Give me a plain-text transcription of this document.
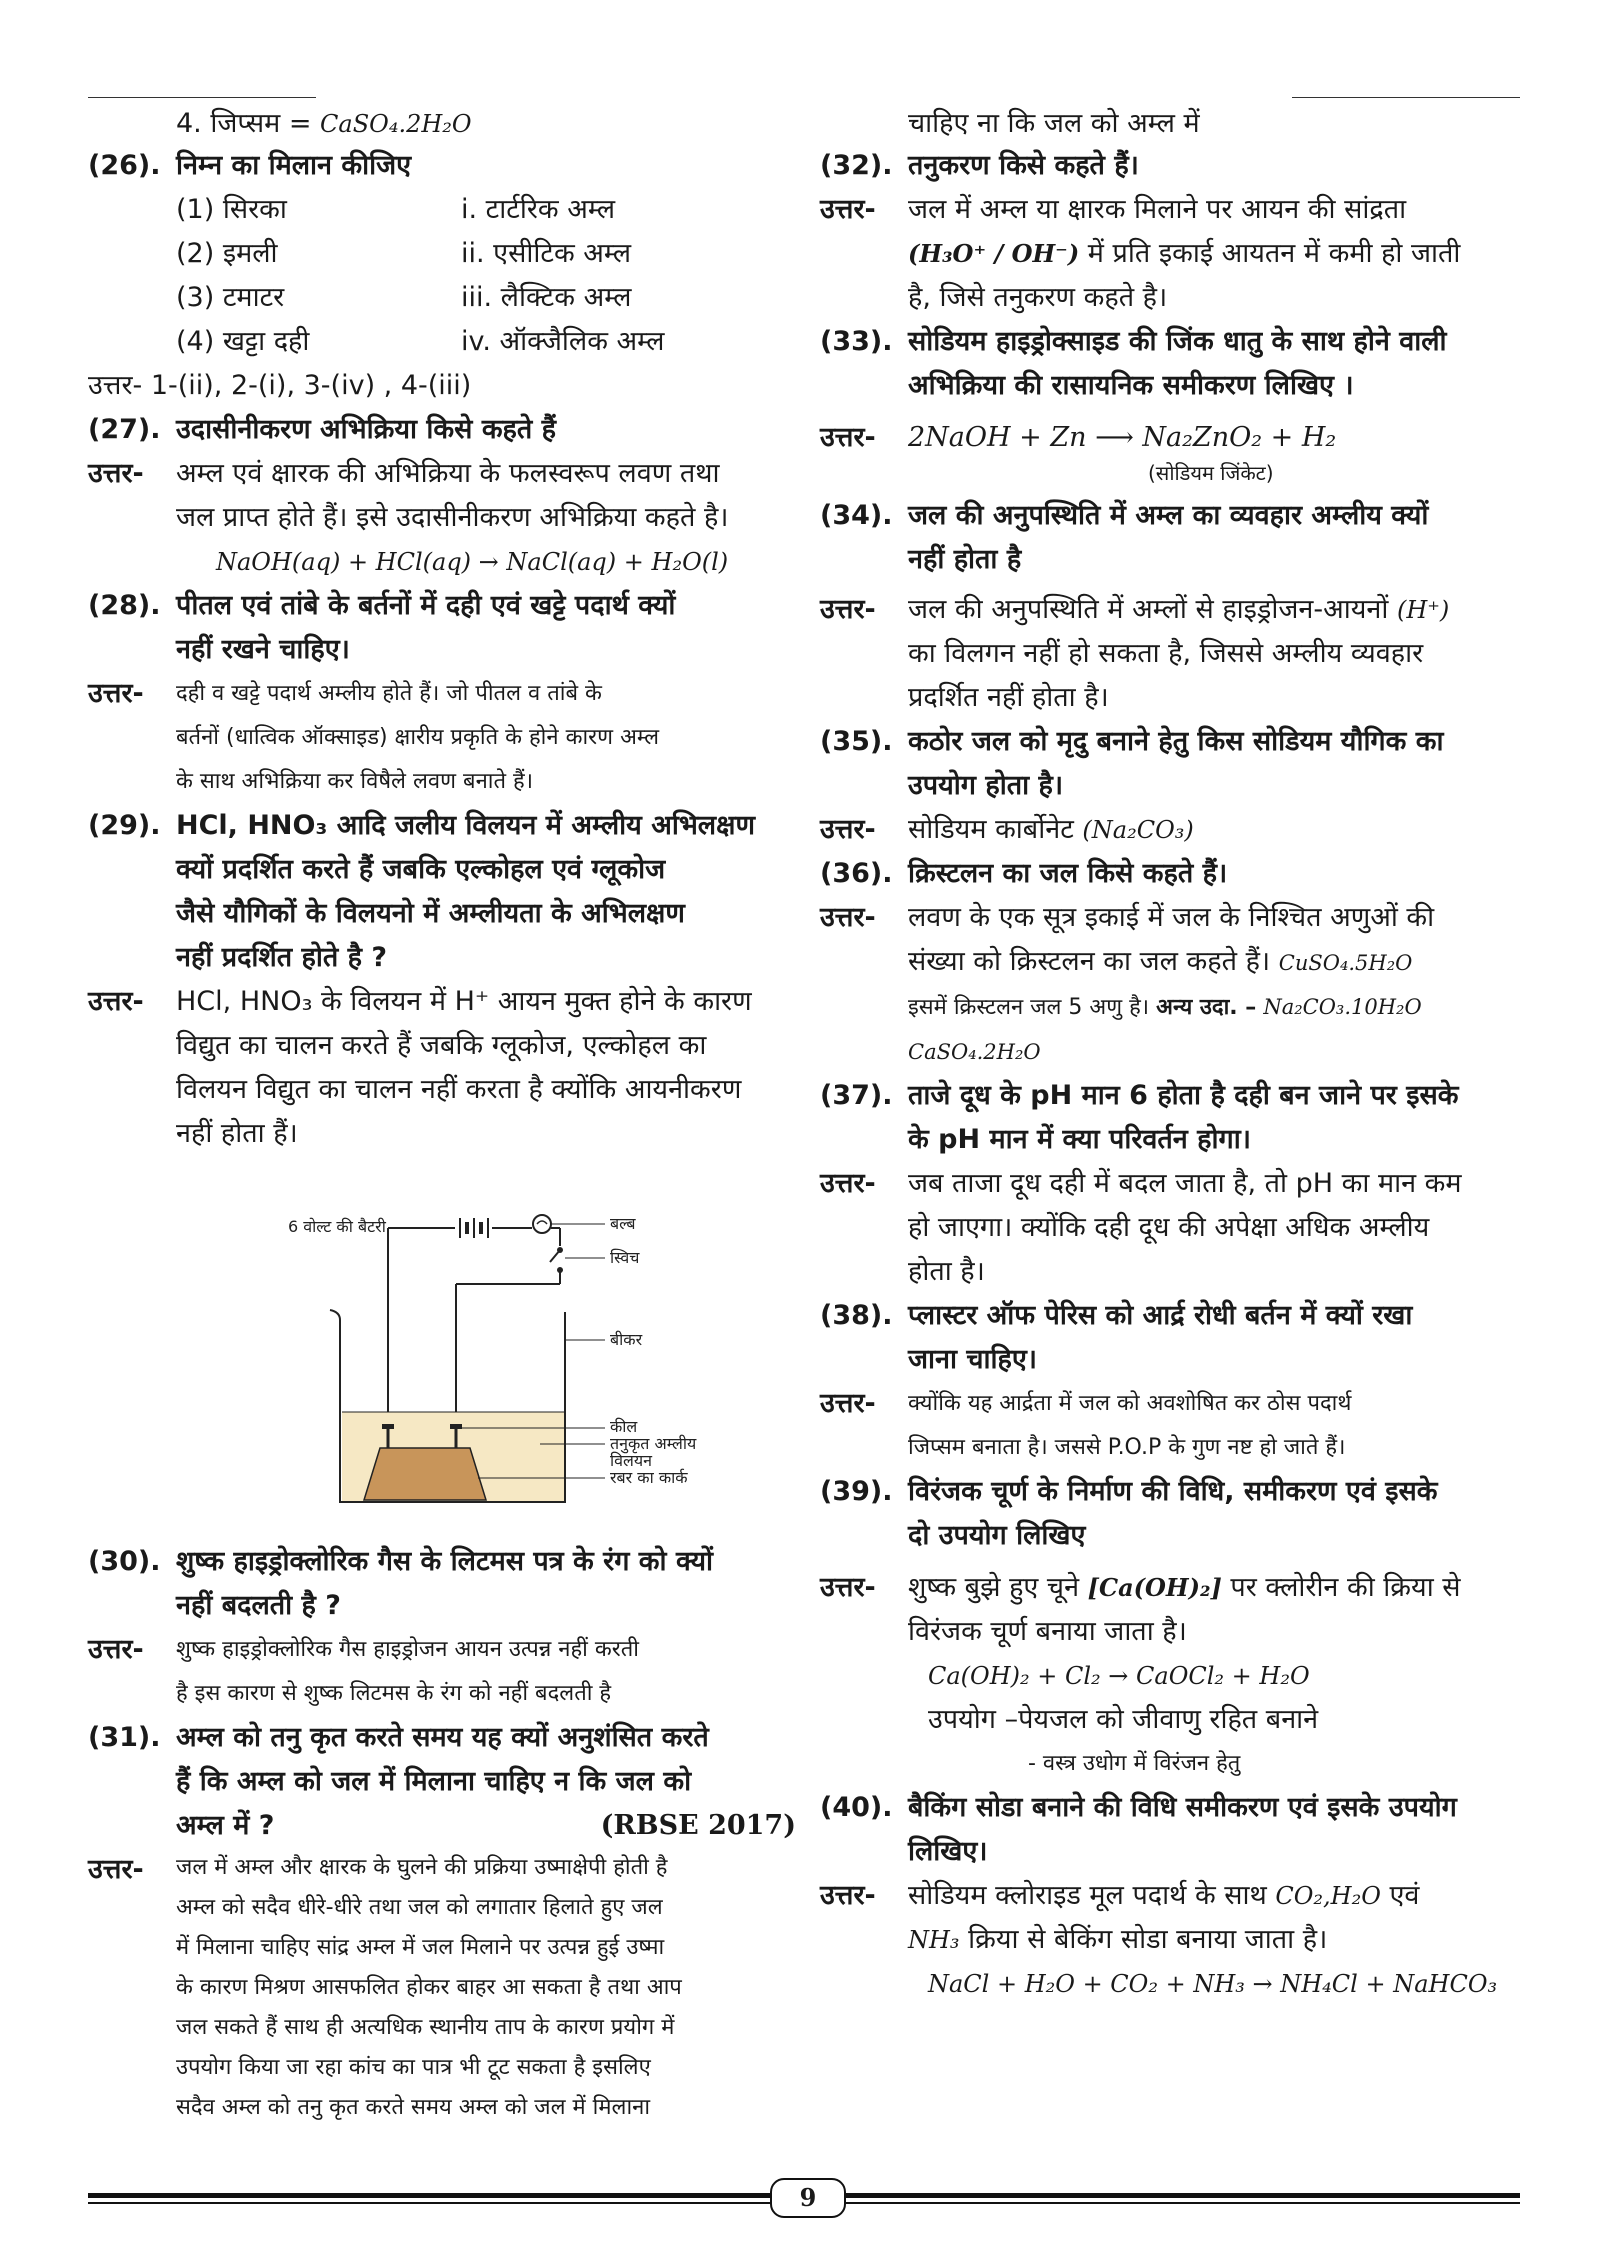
4. जिप्सम = CaSO₄.2H₂O
(26). निम्न का मिलान कीजिए
(1) सिरका	i. टार्टरिक अम्ल
(2) इमली	ii. एसीटिक अम्ल
(3) टमाटर	iii. लैक्टिक अम्ल
(4) खट्टा दही	iv. ऑक्जैलिक अम्ल
उत्तर- 1-(ii), 2-(i), 3-(iv) , 4-(iii)
(27). उदासीनीकरण अभिक्रिया किसे कहते हैं
उत्तर-	अम्ल एवं क्षारक की अभिक्रिया के फलस्वरूप लवण तथा
जल प्राप्त होते हैं। इसे उदासीनीकरण अभिक्रिया कहते है।
NaOH(aq) + HCl(aq) → NaCl(aq) + H₂O(l)
(28). पीतल एवं तांबे के बर्तनों में दही एवं खट्टे पदार्थ क्यों
नहीं रखने चाहिए।
उत्तर-	दही व खट्टे पदार्थ अम्लीय होते हैं। जो पीतल व तांबे के
बर्तनों (धात्विक ऑक्साइड) क्षारीय प्रकृति के होने कारण अम्ल
के साथ अभिक्रिया कर विषैले लवण बनाते हैं।
(29). HCl, HNO₃ आदि जलीय विलयन में अम्लीय अभिलक्षण
क्यों प्रदर्शित करते हैं जबकि एल्कोहल एवं ग्लूकोज
जैसे यौगिकों के विलयनो में अम्लीयता के अभिलक्षण
नहीं प्रदर्शित होते है ?
उत्तर-	HCl, HNO₃ के विलयन में H⁺ आयन मुक्त होने के कारण
विद्युत का चालन करते हैं जबकि ग्लूकोज, एल्कोहल का
विलयन विद्युत का चालन नहीं करता है क्योंकि आयनीकरण
नहीं होता हैं।
6 वोल्ट की बैटरी	बल्ब
स्विच
बीकर
कील
तनुकृत अम्लीय
विलयन
रबर का कार्क
(30). शुष्क हाइड्रोक्लोरिक गैस के लिटमस पत्र के रंग को क्यों
नहीं बदलती है ?
उत्तर-	शुष्क हाइड्रोक्लोरिक गैस हाइड्रोजन आयन उत्पन्न नहीं करती
है इस कारण से शुष्क लिटमस के रंग को नहीं बदलती है
(31). अम्ल को तनु कृत करते समय यह क्यों अनुशंसित करते
हैं कि अम्ल को जल में मिलाना चाहिए न कि जल को
अम्ल में ?	(RBSE 2017)
उत्तर-	जल में अम्ल और क्षारक के घुलने की प्रक्रिया उष्माक्षेपी होती है
अम्ल को सदैव धीरे-धीरे तथा जल को लगातार हिलाते हुए जल
में मिलाना चाहिए सांद्र अम्ल में जल मिलाने पर उत्पन्न हुई उष्मा
के कारण मिश्रण आसफलित होकर बाहर आ सकता है तथा आप
जल सकते हैं साथ ही अत्यधिक स्थानीय ताप के कारण प्रयोग में
उपयोग किया जा रहा कांच का पात्र भी टूट सकता है इसलिए
सदैव अम्ल को तनु कृत करते समय अम्ल को जल में मिलाना
चाहिए ना कि जल को अम्ल में
(32). तनुकरण किसे कहते हैं।
उत्तर-	जल में अम्ल या क्षारक मिलाने पर आयन की सांद्रता
(H₃O⁺ / OH⁻) में प्रति इकाई आयतन में कमी हो जाती
है, जिसे तनुकरण कहते है।
(33). सोडियम हाइड्रोक्साइड की जिंक धातु के साथ होने वाली
अभिक्रिया की रासायनिक समीकरण लिखिए ।
उत्तर-	2NaOH + Zn ⟶ Na₂ZnO₂ + H₂
(सोडियम जिंकेट)
(34). जल की अनुपस्थिति में अम्ल का व्यवहार अम्लीय क्यों
नहीं होता है
उत्तर-	जल की अनुपस्थिति में अम्लों से हाइड्रोजन-आयनों (H⁺)
का विलगन नहीं हो सकता है, जिससे अम्लीय व्यवहार
प्रदर्शित नहीं होता है।
(35). कठोर जल को मृदु बनाने हेतु किस सोडियम यौगिक का
उपयोग होता है।
उत्तर-	सोडियम कार्बोनेट (Na₂CO₃)
(36). क्रिस्टलन का जल किसे कहते हैं।
उत्तर-	लवण के एक सूत्र इकाई में जल के निश्चित अणुओं की
संख्या को क्रिस्टलन का जल कहते हैं। CuSO₄.5H₂O
इसमें क्रिस्टलन जल 5 अणु है। अन्य उदा. – Na₂CO₃.10H₂O
CaSO₄.2H₂O
(37). ताजे दूध के pH मान 6 होता है दही बन जाने पर इसके
के pH मान में क्या परिवर्तन होगा।
उत्तर-	जब ताजा दूध दही में बदल जाता है, तो pH का मान कम
हो जाएगा। क्योंकि दही दूध की अपेक्षा अधिक अम्लीय
होता है।
(38). प्लास्टर ऑफ पेरिस को आर्द्र रोधी बर्तन में क्यों रखा
जाना चाहिए।
उत्तर-	क्योंकि यह आर्द्रता में जल को अवशोषित कर ठोस पदार्थ
जिप्सम बनाता है। जससे P.O.P के गुण नष्ट हो जाते हैं।
(39). विरंजक चूर्ण के निर्माण की विधि, समीकरण एवं इसके
दो उपयोग लिखिए
उत्तर-	शुष्क बुझे हुए चूने [Ca(OH)₂] पर क्लोरीन की क्रिया से
विरंजक चूर्ण बनाया जाता है।
Ca(OH)₂ + Cl₂ → CaOCl₂ + H₂O
उपयोग –पेयजल को जीवाणु रहित बनाने
- वस्त्र उधोग में विरंजन हेतु
(40). बैकिंग सोडा बनाने की विधि समीकरण एवं इसके उपयोग
लिखिए।
उत्तर-	सोडियम क्लोराइड मूल पदार्थ के साथ CO₂,H₂O एवं
NH₃ क्रिया से बेकिंग सोडा बनाया जाता है।
NaCl + H₂O + CO₂ + NH₃ → NH₄Cl + NaHCO₃
9
